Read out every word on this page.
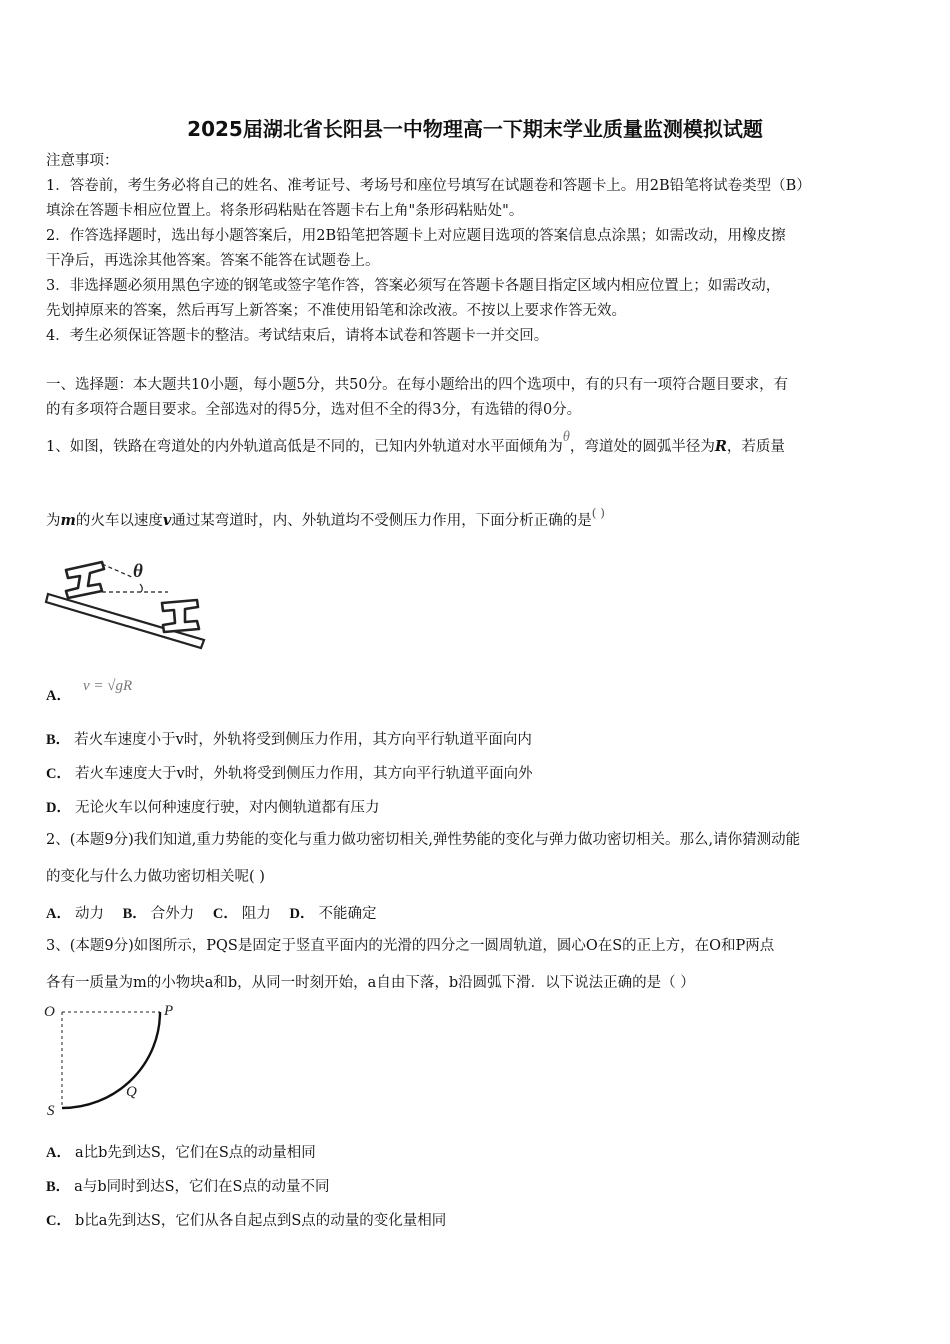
2025届湖北省长阳县一中物理高一下期末学业质量监测模拟试题
注意事项：
1．答卷前，考生务必将自己的姓名、准考证号、考场号和座位号填写在试题卷和答题卡上。用2B铅笔将试卷类型（B）
填涂在答题卡相应位置上。将条形码粘贴在答题卡右上角"条形码粘贴处"。
2．作答选择题时，选出每小题答案后，用2B铅笔把答题卡上对应题目选项的答案信息点涂黑；如需改动，用橡皮擦
干净后，再选涂其他答案。答案不能答在试题卷上。
3．非选择题必须用黑色字迹的钢笔或签字笔作答，答案必须写在答题卡各题目指定区域内相应位置上；如需改动，
先划掉原来的答案，然后再写上新答案；不准使用铅笔和涂改液。不按以上要求作答无效。
4．考生必须保证答题卡的整洁。考试结束后，请将本试卷和答题卡一并交回。
一、选择题：本大题共10小题，每小题5分，共50分。在每小题给出的四个选项中，有的只有一项符合题目要求，有
的有多项符合题目要求。全部选对的得5分，选对但不全的得3分，有选错的得0分。
1、如图，铁路在弯道处的内外轨道高低是不同的，已知内外轨道对水平面倾角为θ，弯道处的圆弧半径为R，若质量
为m的火车以速度v通过某弯道时，内、外轨道均不受侧压力作用，下面分析正确的是( )
θ
A．v = √gR
B． 若火车速度小于v时，外轨将受到侧压力作用，其方向平行轨道平面向内
C． 若火车速度大于v时，外轨将受到侧压力作用，其方向平行轨道平面向外
D． 无论火车以何种速度行驶，对内侧轨道都有压力
2、(本题9分)我们知道,重力势能的变化与重力做功密切相关,弹性势能的变化与弹力做功密切相关。那么,请你猜测动能
的变化与什么力做功密切相关呢( )
A． 动力 B． 合外力 C． 阻力 D． 不能确定
3、(本题9分)如图所示，PQS是固定于竖直平面内的光滑的四分之一圆周轨道，圆心O在S的正上方，在O和P两点
各有一质量为m的小物块a和b，从同一时刻开始，a自由下落，b沿圆弧下滑．以下说法正确的是（ ）
O	P
Q
S
A． a比b先到达S，它们在S点的动量相同
B． a与b同时到达S，它们在S点的动量不同
C． b比a先到达S，它们从各自起点到S点的动量的变化量相同
